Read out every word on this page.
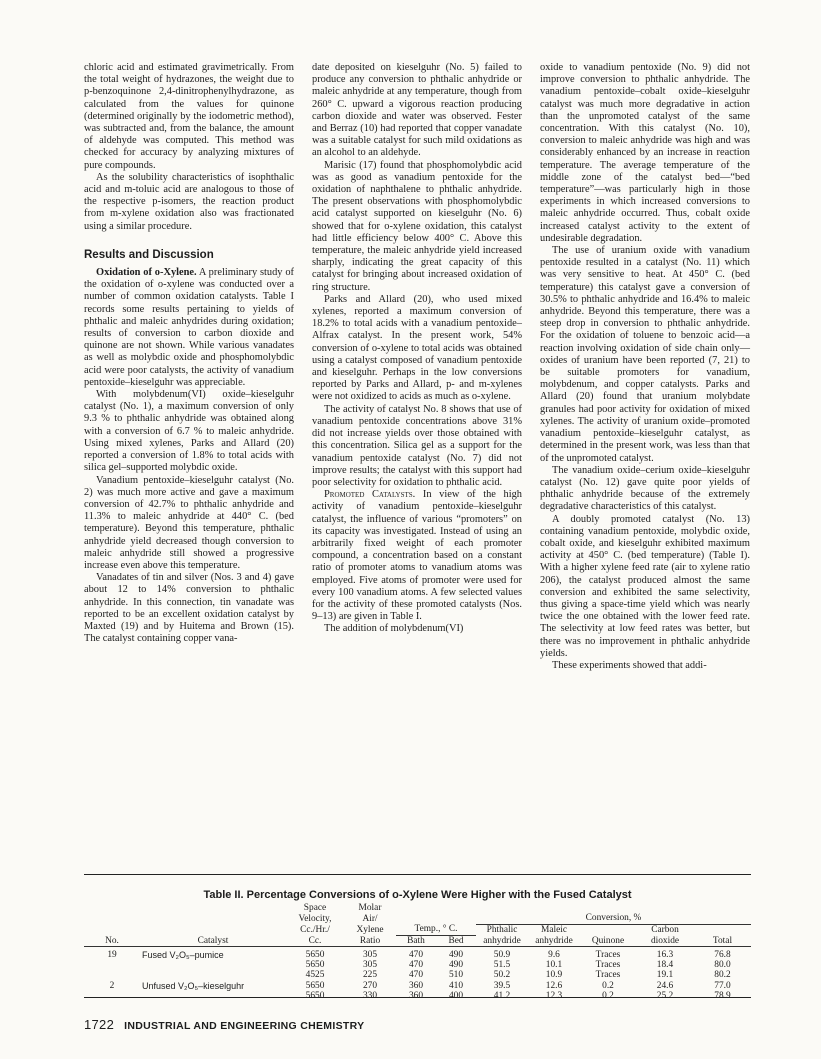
chloric acid and estimated gravimetrically. From the total weight of hydrazones, the weight due to p-benzoquinone 2,4-dinitrophenylhydrazone, as calculated from the values for quinone (determined originally by the iodometric method), was subtracted and, from the balance, the amount of aldehyde was computed. This method was checked for accuracy by analyzing mixtures of pure compounds.

As the solubility characteristics of isophthalic acid and m-toluic acid are analogous to those of the respective p-isomers, the reaction product from m-xylene oxidation also was fractionated using a similar procedure.

Results and Discussion

Oxidation of o-Xylene. A preliminary study of the oxidation of o-xylene was conducted over a number of common oxidation catalysts. Table I records some results pertaining to yields of phthalic and maleic anhydrides during oxidation; results of conversion to carbon dioxide and quinone are not shown. While various vanadates as well as molybdic oxide and phosphomolybdic acid were poor catalysts, the activity of vanadium pentoxide–kieselguhr was appreciable.

With molybdenum(VI) oxide–kieselguhr catalyst (No. 1), a maximum conversion of only 9.3 % to phthalic anhydride was obtained along with a conversion of 6.7 % to maleic anhydride. Using mixed xylenes, Parks and Allard (20) reported a conversion of 1.8% to total acids with silica gel–supported molybdic oxide.

Vanadium pentoxide–kieselguhr catalyst (No. 2) was much more active and gave a maximum conversion of 42.7% to phthalic anhydride and 11.3% to maleic anhydride at 440° C. (bed temperature). Beyond this temperature, phthalic anhydride yield decreased though conversion to maleic anhydride still showed a progressive increase even above this temperature.

Vanadates of tin and silver (Nos. 3 and 4) gave about 12 to 14% conversion to phthalic anhydride. In this connection, tin vanadate was reported to be an excellent oxidation catalyst by Maxted (19) and by Huitema and Brown (15). The catalyst containing copper vana-

date deposited on kieselguhr (No. 5) failed to produce any conversion to phthalic anhydride or maleic anhydride at any temperature, though from 260° C. upward a vigorous reaction producing carbon dioxide and water was observed. Fester and Berraz (10) had reported that copper vanadate was a suitable catalyst for such mild oxidations as an alcohol to an aldehyde.

Marisic (17) found that phosphomolybdic acid was as good as vanadium pentoxide for the oxidation of naphthalene to phthalic anhydride. The present observations with phosphomolybdic acid catalyst supported on kieselguhr (No. 6) showed that for o-xylene oxidation, this catalyst had little efficiency below 400° C. Above this temperature, the maleic anhydride yield increased sharply, indicating the great capacity of this catalyst for bringing about increased oxidation of ring structure.

Parks and Allard (20), who used mixed xylenes, reported a maximum conversion of 18.2% to total acids with a vanadium pentoxide–Alfrax catalyst. In the present work, 54% conversion of o-xylene to total acids was obtained using a catalyst composed of vanadium pentoxide and kieselguhr. Perhaps in the low conversions reported by Parks and Allard, p- and m-xylenes were not oxidized to acids as much as o-xylene.

The activity of catalyst No. 8 shows that use of vanadium pentoxide concentrations above 31% did not increase yields over those obtained with this concentration. Silica gel as a support for the vanadium pentoxide catalyst (No. 7) did not improve results; the catalyst with this support had poor selectivity for oxidation to phthalic acid.

Promoted Catalysts. In view of the high activity of vanadium pentoxide–kieselguhr catalyst, the influence of various “promoters” on its capacity was investigated. Instead of using an arbitrarily fixed weight of each promoter compound, a concentration based on a constant ratio of promoter atoms to vanadium atoms was employed. Five atoms of promoter were used for every 100 vanadium atoms. A few selected values for the activity of these promoted catalysts (Nos. 9–13) are given in Table I.

The addition of molybdenum(VI)

oxide to vanadium pentoxide (No. 9) did not improve conversion to phthalic anhydride. The vanadium pentoxide–cobalt oxide–kieselguhr catalyst was much more degradative in action than the unpromoted catalyst of the same concentration. With this catalyst (No. 10), conversion to maleic anhydride was high and was considerably enhanced by an increase in reaction temperature. The average temperature of the middle zone of the catalyst bed—“bed temperature”—was particularly high in those experiments in which increased conversions to maleic anhydride occurred. Thus, cobalt oxide increased catalyst activity to the extent of undesirable degradation.

The use of uranium oxide with vanadium pentoxide resulted in a catalyst (No. 11) which was very sensitive to heat. At 450° C. (bed temperature) this catalyst gave a conversion of 30.5% to phthalic anhydride and 16.4% to maleic anhydride. Beyond this temperature, there was a steep drop in conversion to phthalic anhydride. For the oxidation of toluene to benzoic acid—a reaction involving oxidation of side chain only—oxides of uranium have been reported (7, 21) to be suitable promoters for vanadium, molybdenum, and copper catalysts. Parks and Allard (20) found that uranium molybdate granules had poor activity for oxidation of mixed xylenes. The activity of uranium oxide–promoted vanadium pentoxide–kieselguhr catalyst, as determined in the present work, was less than that of the unpromoted catalyst.

The vanadium oxide–cerium oxide–kieselguhr catalyst (No. 12) gave quite poor yields of phthalic anhydride because of the extremely degradative characteristics of this catalyst.

A doubly promoted catalyst (No. 13) containing vanadium pentoxide, molybdic oxide, cobalt oxide, and kieselguhr exhibited maximum activity at 450° C. (bed temperature) (Table I). With a higher xylene feed rate (air to xylene ratio 206), the catalyst produced almost the same conversion and exhibited the same selectivity, thus giving a space-time yield which was nearly twice the one obtained with the lower feed rate. The selectivity at low feed rates was better, but there was no improvement in phthalic anhydride yields.

These experiments showed that addi-

Table II. Percentage Conversions of o-Xylene Were Higher with the Fused Catalyst
		Space	Molar							
		Velocity,	Air/			Conversion, %				
		Cc./Hr./	Xylene	Temp., ° C.		Phthalic	Maleic		Carbon	
No.	Catalyst	Cc.	Ratio	Bath	Bed	anhydride	anhydride	Quinone	dioxide	Total

19	Fused V₂O₅–pumice	5650	305	470	490	50.9	9.6	Traces	16.3	76.8
		5650	305	470	490	51.5	10.1	Traces	18.4	80.0
		4525	225	470	510	50.2	10.9	Traces	19.1	80.2
2	Unfused V₂O₅–kieselguhr	5650	270	360	410	39.5	12.6	0.2	24.6	77.0
		5650	330	360	400	41.2	12.3	0.2	25.2	78.9
1722 INDUSTRIAL AND ENGINEERING CHEMISTRY
